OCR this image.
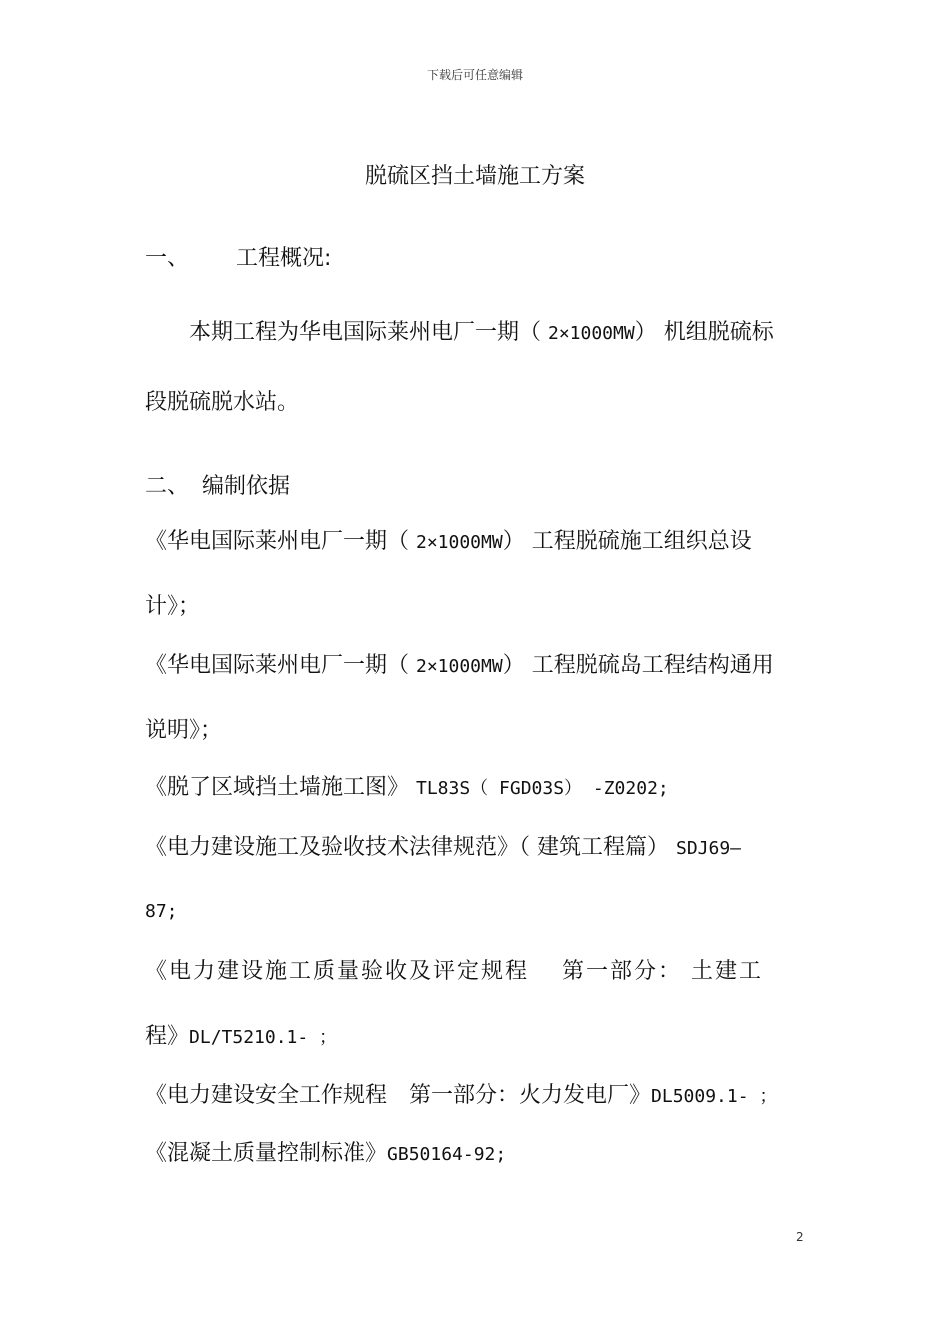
下载后可任意编辑
脱硫区挡土墙施工方案
一、 工程概况:
本期工程为华电国际莱州电厂一期（ 2×1000MW） 机组脱硫标
段脱硫脱水站。
二、 编制依据
《华电国际莱州电厂一期（ 2×1000MW） 工程脱硫施工组织总设
计》；
《华电国际莱州电厂一期（ 2×1000MW） 工程脱硫岛工程结构通用
说明》；
《脱了区域挡土墙施工图》 TL83S（ FGD03S） -Z0202;
《电力建设施工及验收技术法律规范》（ 建筑工程篇） SDJ69—
87;
《电力建设施工质量验收及评定规程　 第一部分： 土建工
程》DL/T5210.1- ；
《电力建设安全工作规程　第一部分：火力发电厂》DL5009.1- ；
《混凝土质量控制标准》GB50164-92;
2
